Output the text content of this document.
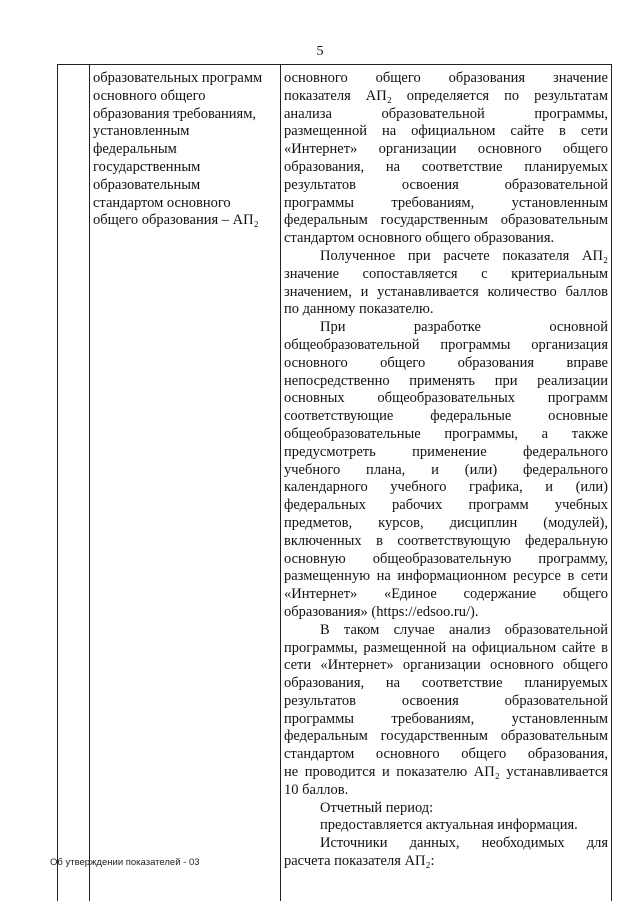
5
образовательных программ
основного общего
образования требованиям,
установленным
федеральным
государственным
образовательным
стандартом основного
общего образования – АП₂

основного общего образования значение
показателя АП₂ определяется по результатам
анализа образовательной программы,
размещенной на официальном сайте в сети
«Интернет» организации основного общего
образования, на соответствие планируемых
результатов освоения образовательной
программы требованиям, установленным
федеральным государственным образовательным
стандартом основного общего образования.

Полученное при расчете показателя АП₂
значение сопоставляется с критериальным
значением, и устанавливается количество баллов
по данному показателю.

При разработке основной
общеобразовательной программы организация
основного общего образования вправе
непосредственно применять при реализации
основных общеобразовательных программ
соответствующие федеральные основные
общеобразовательные программы, а также
предусмотреть применение федерального
учебного плана, и (или) федерального
календарного учебного графика, и (или)
федеральных рабочих программ учебных
предметов, курсов, дисциплин (модулей),
включенных в соответствующую федеральную
основную общеобразовательную программу,
размещенную на информационном ресурсе в сети
«Интернет» «Единое содержание общего
образования» (https://edsoo.ru/).

В таком случае анализ образовательной
программы, размещенной на официальном сайте в
сети «Интернет» организации основного общего
образования, на соответствие планируемых
результатов освоения образовательной
программы требованиям, установленным
федеральным государственным образовательным
стандартом основного общего образования,
не проводится и показателю АП₂ устанавливается
10 баллов.

Отчетный период:

предоставляется актуальная информация.

Источники данных, необходимых для
расчета показателя АП₂:

Об утверждении показателей - 03
